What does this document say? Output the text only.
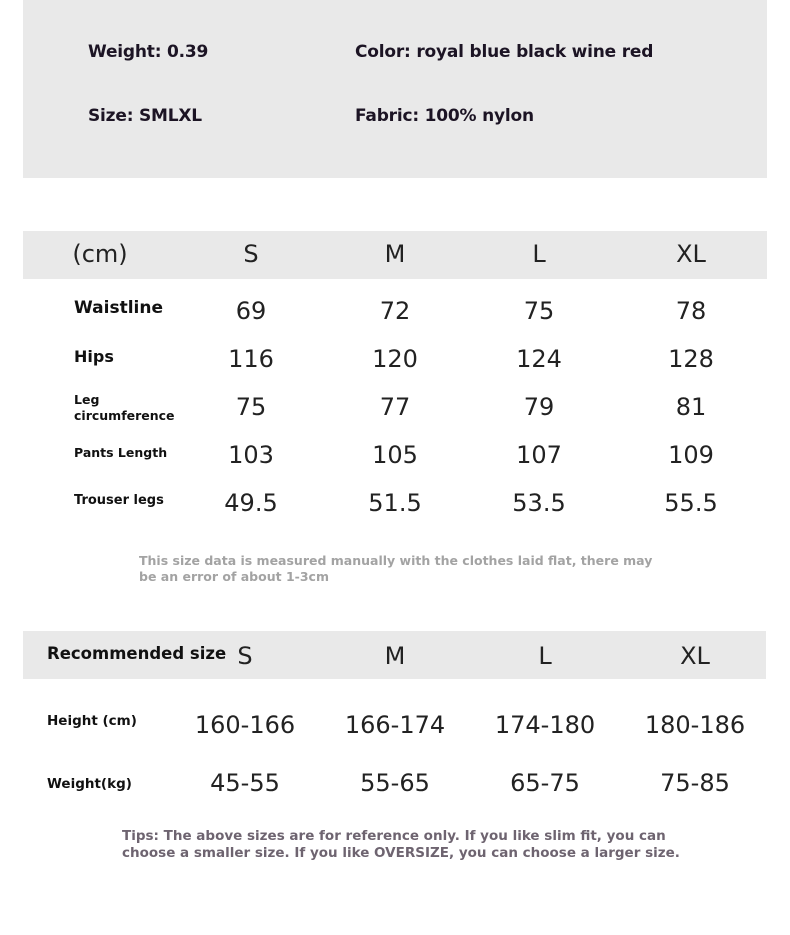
Weight: 0.39	Color: royal blue black wine red
Size: SMLXL	Fabric: 100% nylon
(cm)	S	M	L	XL
Waistline	69	72	75	78
Hips	116	120	124	128
Leg
circumference	75	77	79	81
Pants Length	103	105	107	109
Trouser legs	49.5	51.5	53.5	55.5
This size data is measured manually with the clothes laid flat, there may be an error of about 1-3cm
Recommended size S	M	L	XL
Height (cm) 160-166 166-174 174-180 180-186
Weight(kg)	45-55	55-65	65-75	75-85
Tips: The above sizes are for reference only. If you like slim fit, you can choose a smaller size. If you like OVERSIZE, you can choose a larger size.
